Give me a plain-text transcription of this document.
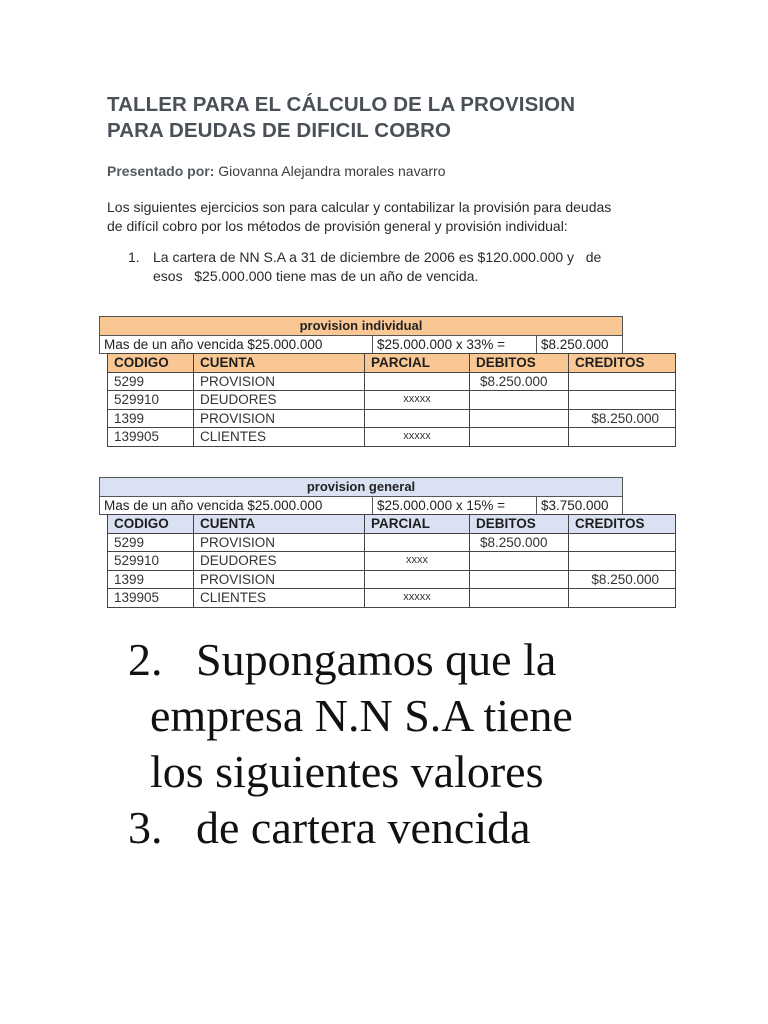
TALLER PARA EL CÁLCULO DE LA PROVISION
PARA DEUDAS DE DIFICIL COBRO
Presentado por: Giovanna Alejandra morales navarro
Los siguientes ejercicios son para calcular y contabilizar la provisión para deudas
de difícil cobro por los métodos de provisión general y provisión individual:
1. La cartera de NN S.A a 31 de diciembre de 2006 es $120.000.000 y   de
esos   $25.000.000 tiene mas de un año de vencida.
provision individual
Mas de un año vencida $25.000.000	$25.000.000 x 33% =	$8.250.000
CODIGO	CUENTA	PARCIAL	DEBITOS	CREDITOS
5299	PROVISION		$8.250.000	
529910	DEUDORES	xxxxx		
1399	PROVISION			$8.250.000
139905	CLIENTES	xxxxx		
provision general
Mas de un año vencida $25.000.000	$25.000.000 x 15% =	$3.750.000
CODIGO	CUENTA	PARCIAL	DEBITOS	CREDITOS
5299	PROVISION		$8.250.000	
529910	DEUDORES	xxxx		
1399	PROVISION			$8.250.000
139905	CLIENTES	xxxxx		
2. Supongamos que la
empresa N.N S.A tiene
los siguientes valores
3. de cartera vencida
